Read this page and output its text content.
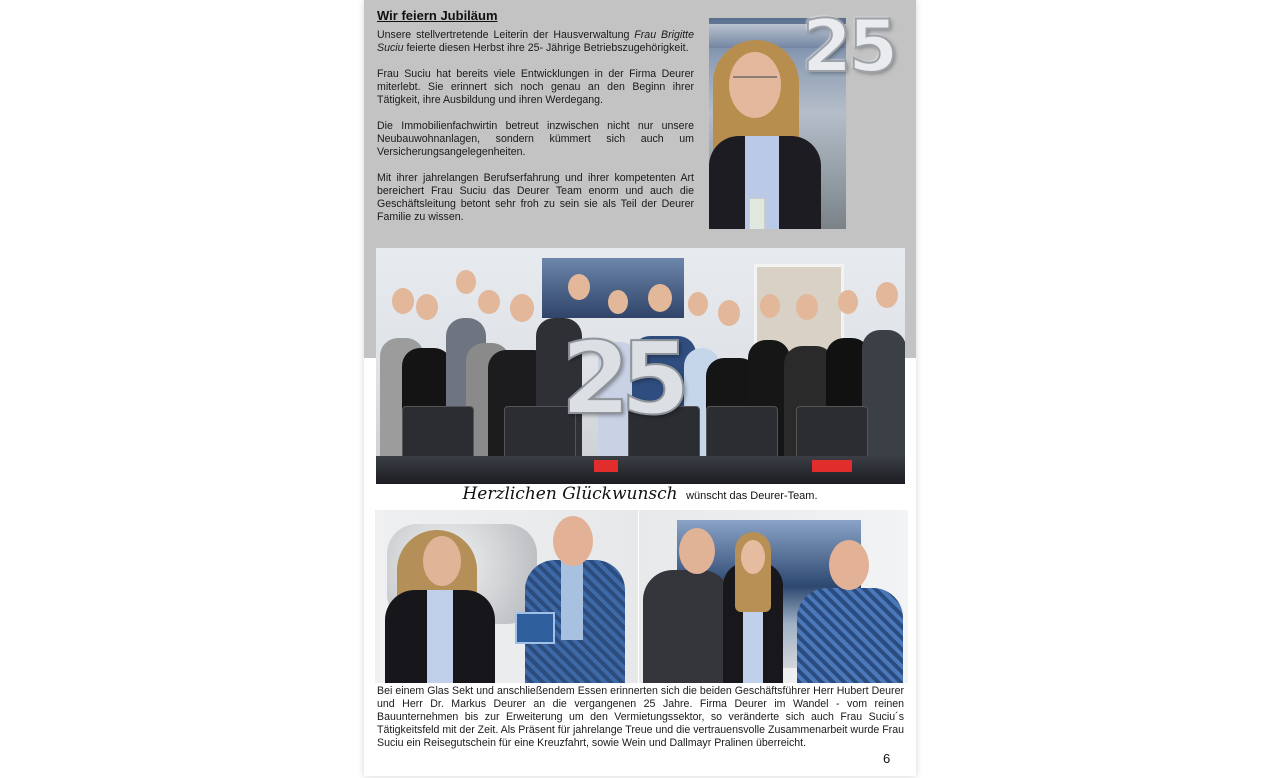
Wir feiern Jubiläum

Unsere stellvertretende Leiterin der Hausverwaltung Frau Brigitte Suciu feierte diesen Herbst ihre 25- Jährige Betriebszugehörigkeit.

Frau Suciu hat bereits viele Entwicklungen in der Firma Deurer miterlebt. Sie erinnert sich noch genau an den Beginn ihrer Tätigkeit, ihre Ausbildung und ihren Werdegang.

Die Immobilienfachwirtin betreut inzwischen nicht nur unsere Neubauwohnanlagen, sondern kümmert sich auch um Versicherungsangelegenheiten.

Mit ihrer jahrelangen Berufserfahrung und ihrer kompetenten Art bereichert Frau Suciu das Deurer Team enorm und auch die Geschäftsleitung betont sehr froh zu sein sie als Teil der Deurer Familie zu wissen.

25
25
Herzlichen Glückwunsch wünscht das Deurer-Team.
Bei einem Glas Sekt und anschließendem Essen erinnerten sich die beiden Geschäftsführer Herr Hubert Deurer und Herr Dr. Markus Deurer an die vergangenen 25 Jahre. Firma Deurer im Wandel - vom reinen Bauunternehmen bis zur Erweiterung um den Vermietungssektor, so veränderte sich auch Frau Suciu´s Tätigkeitsfeld mit der Zeit. Als Präsent für jahrelange Treue und die vertrauensvolle Zusammenarbeit wurde Frau Suciu ein Reisegutschein für eine Kreuzfahrt, sowie Wein und Dallmayr Pralinen überreicht.
6
